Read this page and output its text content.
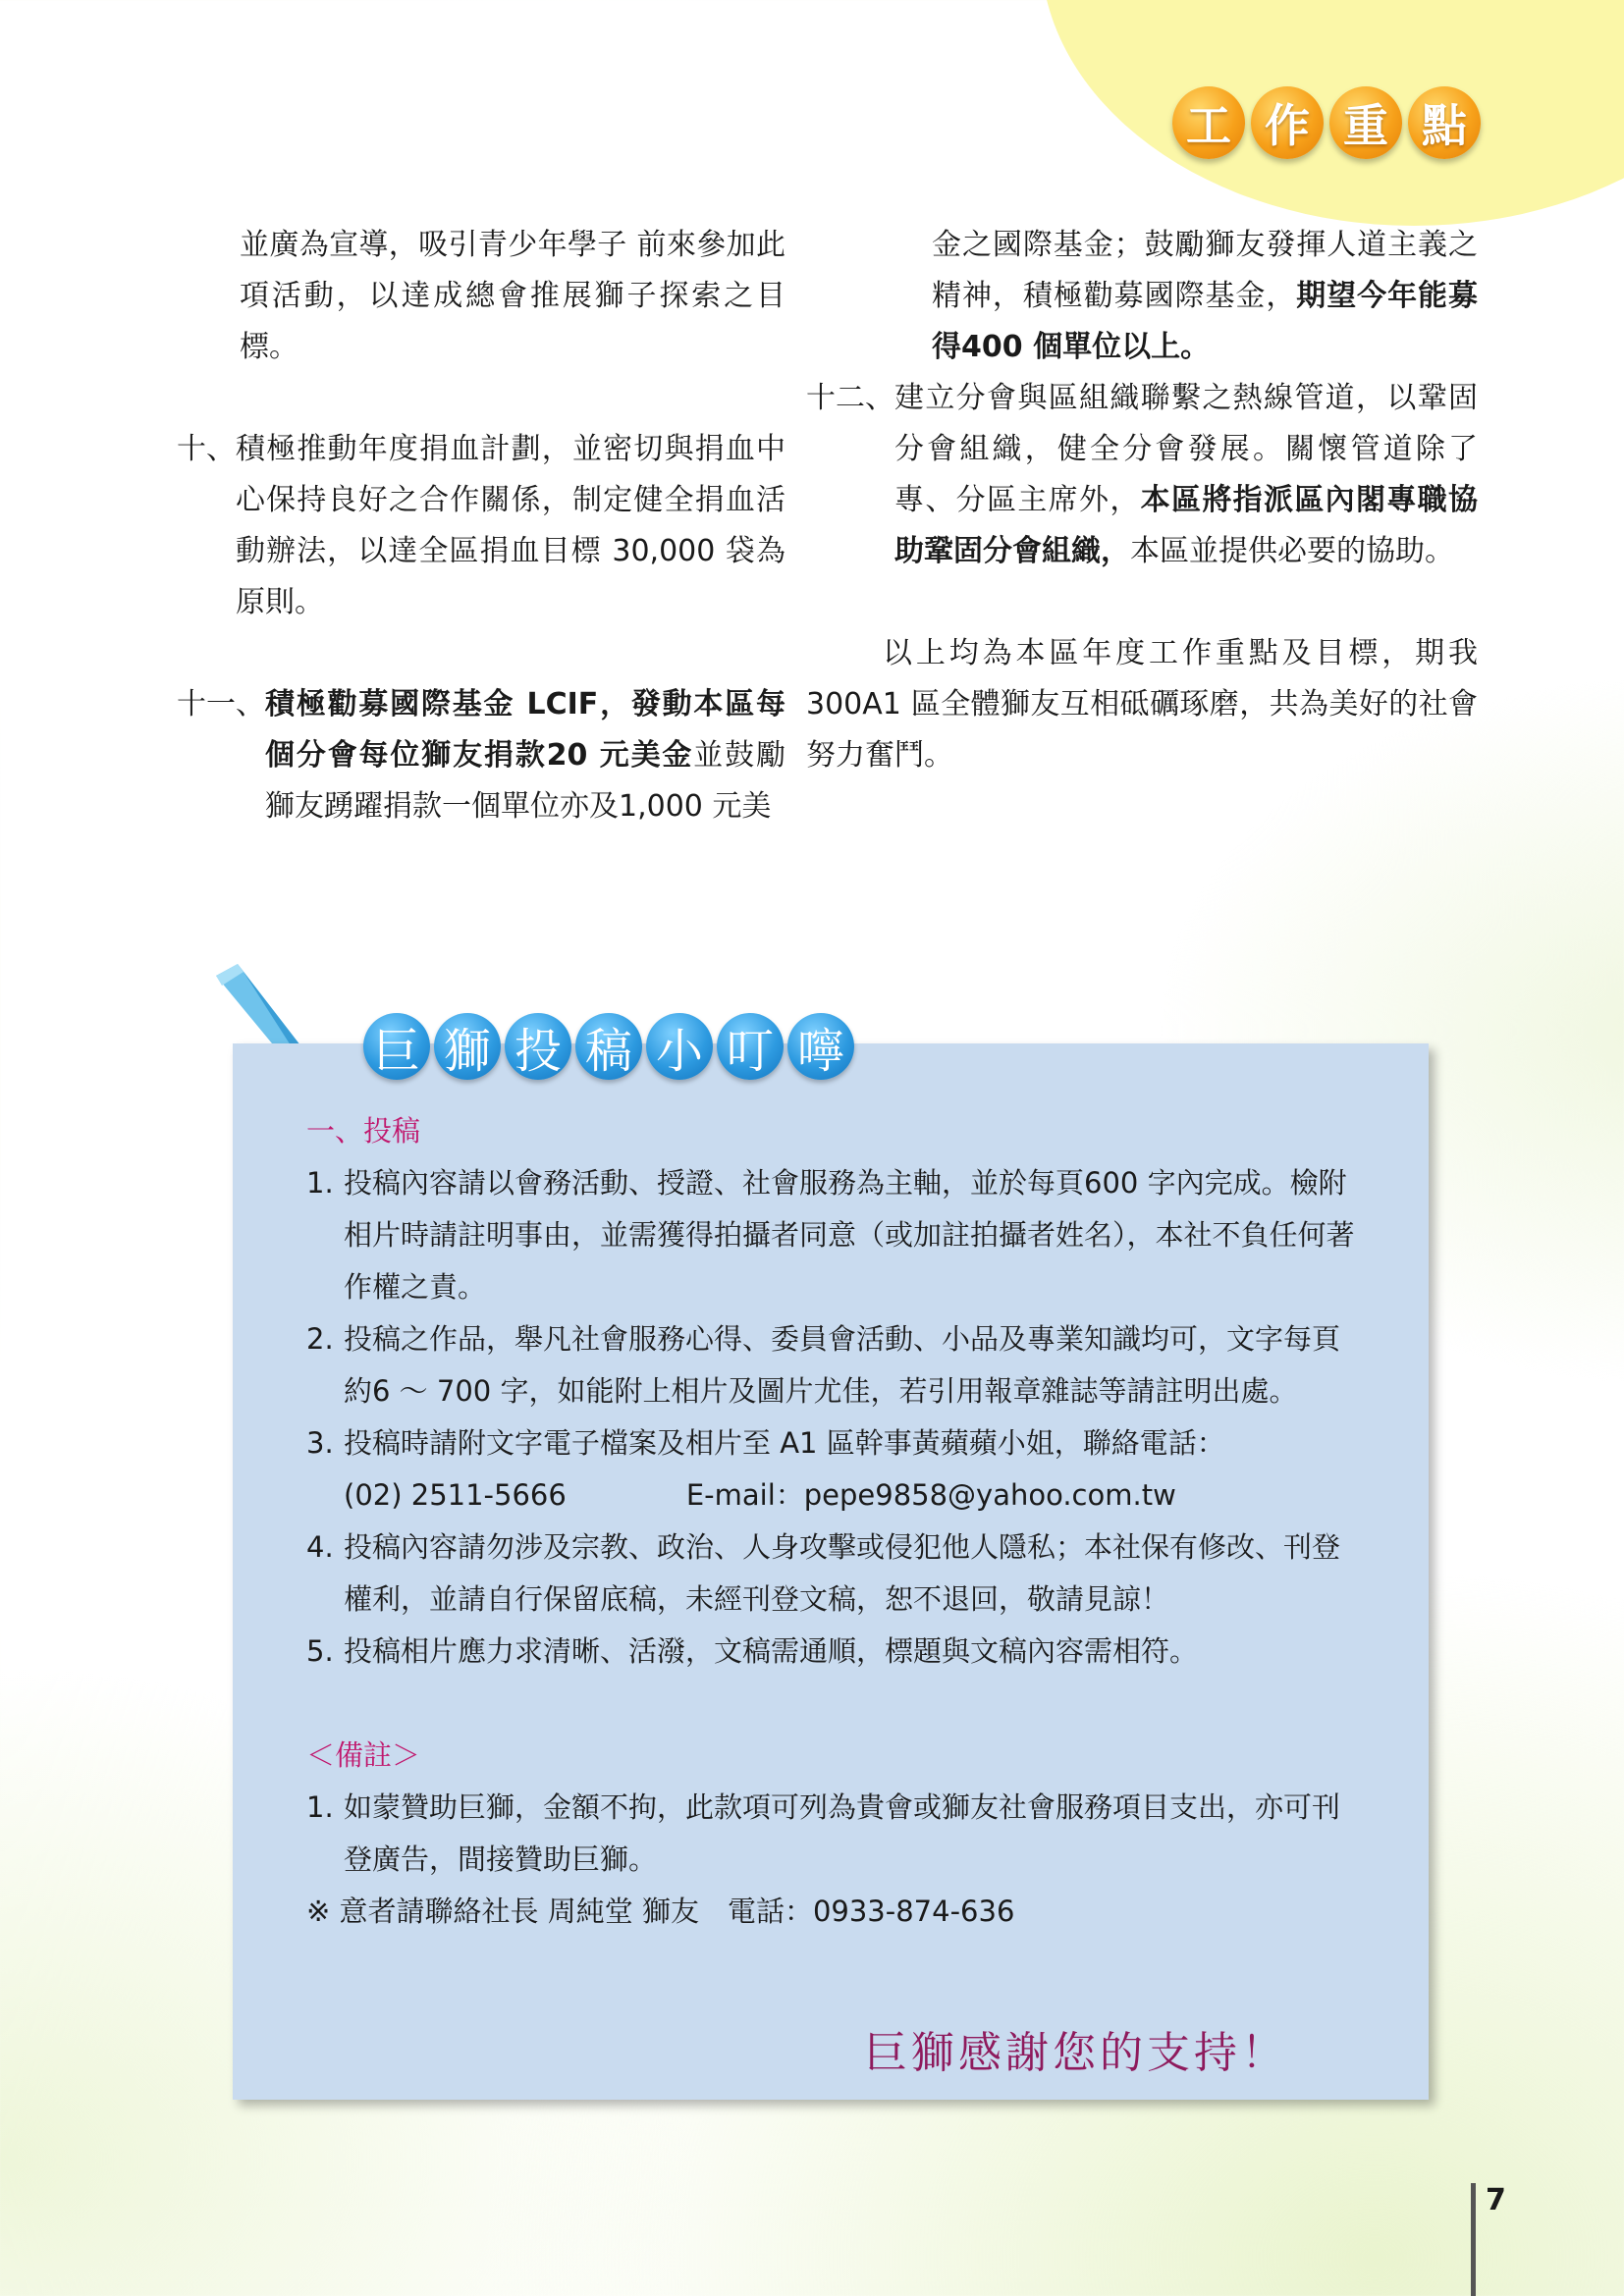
工 作 重 點
並廣為宣導，吸引青少年學子 前來參加此項活動，以達成總會推展獅子探索之目標。
十、 積極推動年度捐血計劃，並密切與捐血中心保持良好之合作關係，制定健全捐血活動辦法，以達全區捐血目標 30,000 袋為原則。
十一、 積極勸募國際基金 LCIF，發動本區每個分會每位獅友捐款20 元美金並鼓勵獅友踴躍捐款一個單位亦及1,000 元美
金之國際基金；鼓勵獅友發揮人道主義之精神，積極勸募國際基金，期望今年能募得400 個單位以上。
十二、 建立分會與區組織聯繫之熱線管道，以鞏固分會組織，健全分會發展。關懷管道除了專、分區主席外，本區將指派區內閣專職協助鞏固分會組織，本區並提供必要的協助。
以上均為本區年度工作重點及目標，期我300A1 區全體獅友互相砥礪琢磨，共為美好的社會努力奮鬥。
巨 獅 投 稿 小 叮 嚀
一、投稿
1. 投稿內容請以會務活動、授證、社會服務為主軸，並於每頁600 字內完成。檢附相片時請註明事由，並需獲得拍攝者同意（或加註拍攝者姓名），本社不負任何著作權之責。
2. 投稿之作品，舉凡社會服務心得、委員會活動、小品及專業知識均可，文字每頁約6 ～ 700 字，如能附上相片及圖片尤佳，若引用報章雜誌等請註明出處。
3. 投稿時請附文字電子檔案及相片至 A1 區幹事黃蘋蘋小姐，聯絡電話：
(02) 2511-5666	E-mail：pepe9858@yahoo.com.tw
4. 投稿內容請勿涉及宗教、政治、人身攻擊或侵犯他人隱私；本社保有修改、刊登權利，並請自行保留底稿，未經刊登文稿，恕不退回，敬請見諒！
5. 投稿相片應力求清晰、活潑，文稿需通順，標題與文稿內容需相符。
＜備註＞
1. 如蒙贊助巨獅，金額不拘，此款項可列為貴會或獅友社會服務項目支出，亦可刊登廣告，間接贊助巨獅。
※ 意者請聯絡社長 周純堂 獅友　電話：0933-874-636
巨獅感謝您的支持！
7
